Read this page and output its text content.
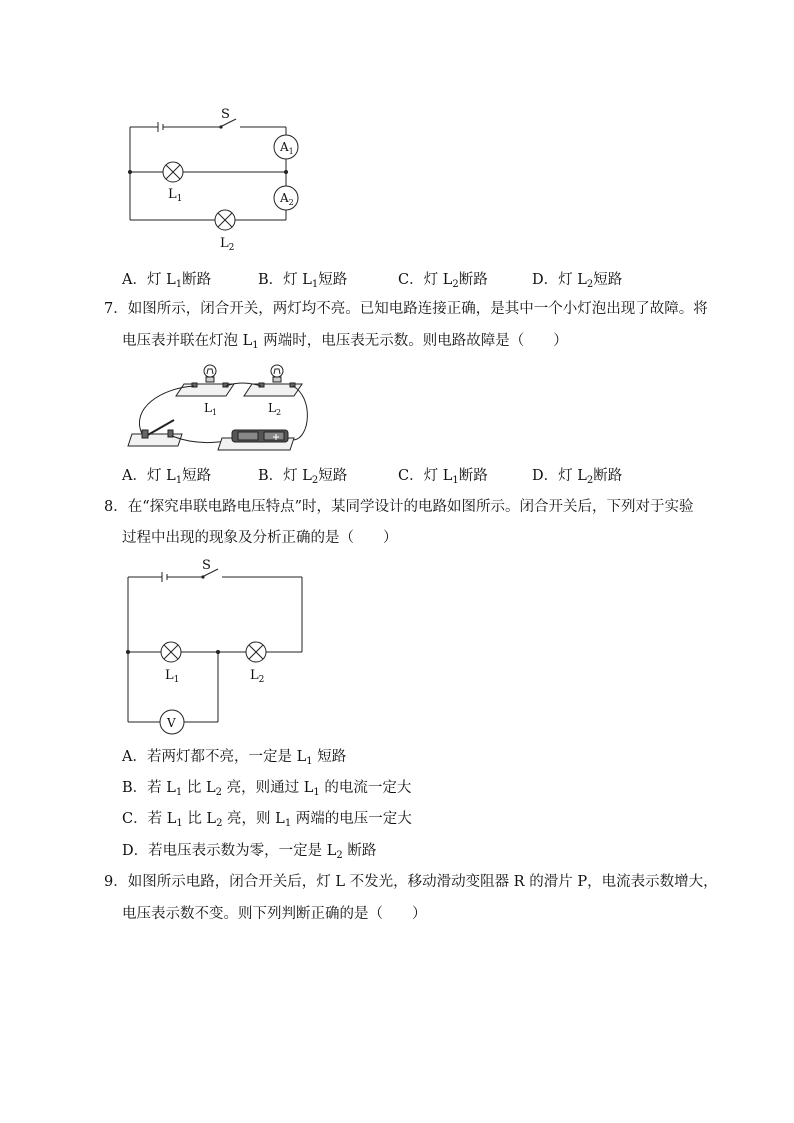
S
$A_1$
$A_2$
$L_1$
$L_2$
A．灯 $L_1$断路	B．灯 $L_1$短路	C．灯 $L_2$断路	D．灯 $L_2$短路
7．如图所示，闭合开关，两灯均不亮。已知电路连接正确，是其中一个小灯泡出现了故障。将
电压表并联在灯泡 $L_1$ 两端时，电压表无示数。则电路故障是（　　）
$L_1$	$L_2$
A．灯 $L_1$短路	B．灯 $L_2$短路	C．灯 $L_1$断路	D．灯 $L_2$断路
8．在“探究串联电路电压特点”时，某同学设计的电路如图所示。闭合开关后，下列对于实验
过程中出现的现象及分析正确的是（　　）
S
V
$L_1$	$L_2$
A．若两灯都不亮，一定是 $L_1$ 短路
B．若 $L_1$ 比 $L_2$ 亮，则通过 $L_1$ 的电流一定大
C．若 $L_1$ 比 $L_2$ 亮，则 $L_1$ 两端的电压一定大
D．若电压表示数为零，一定是 $L_2$ 断路
9．如图所示电路，闭合开关后，灯 L 不发光，移动滑动变阻器 R 的滑片 P，电流表示数增大，
电压表示数不变。则下列判断正确的是（　　）
